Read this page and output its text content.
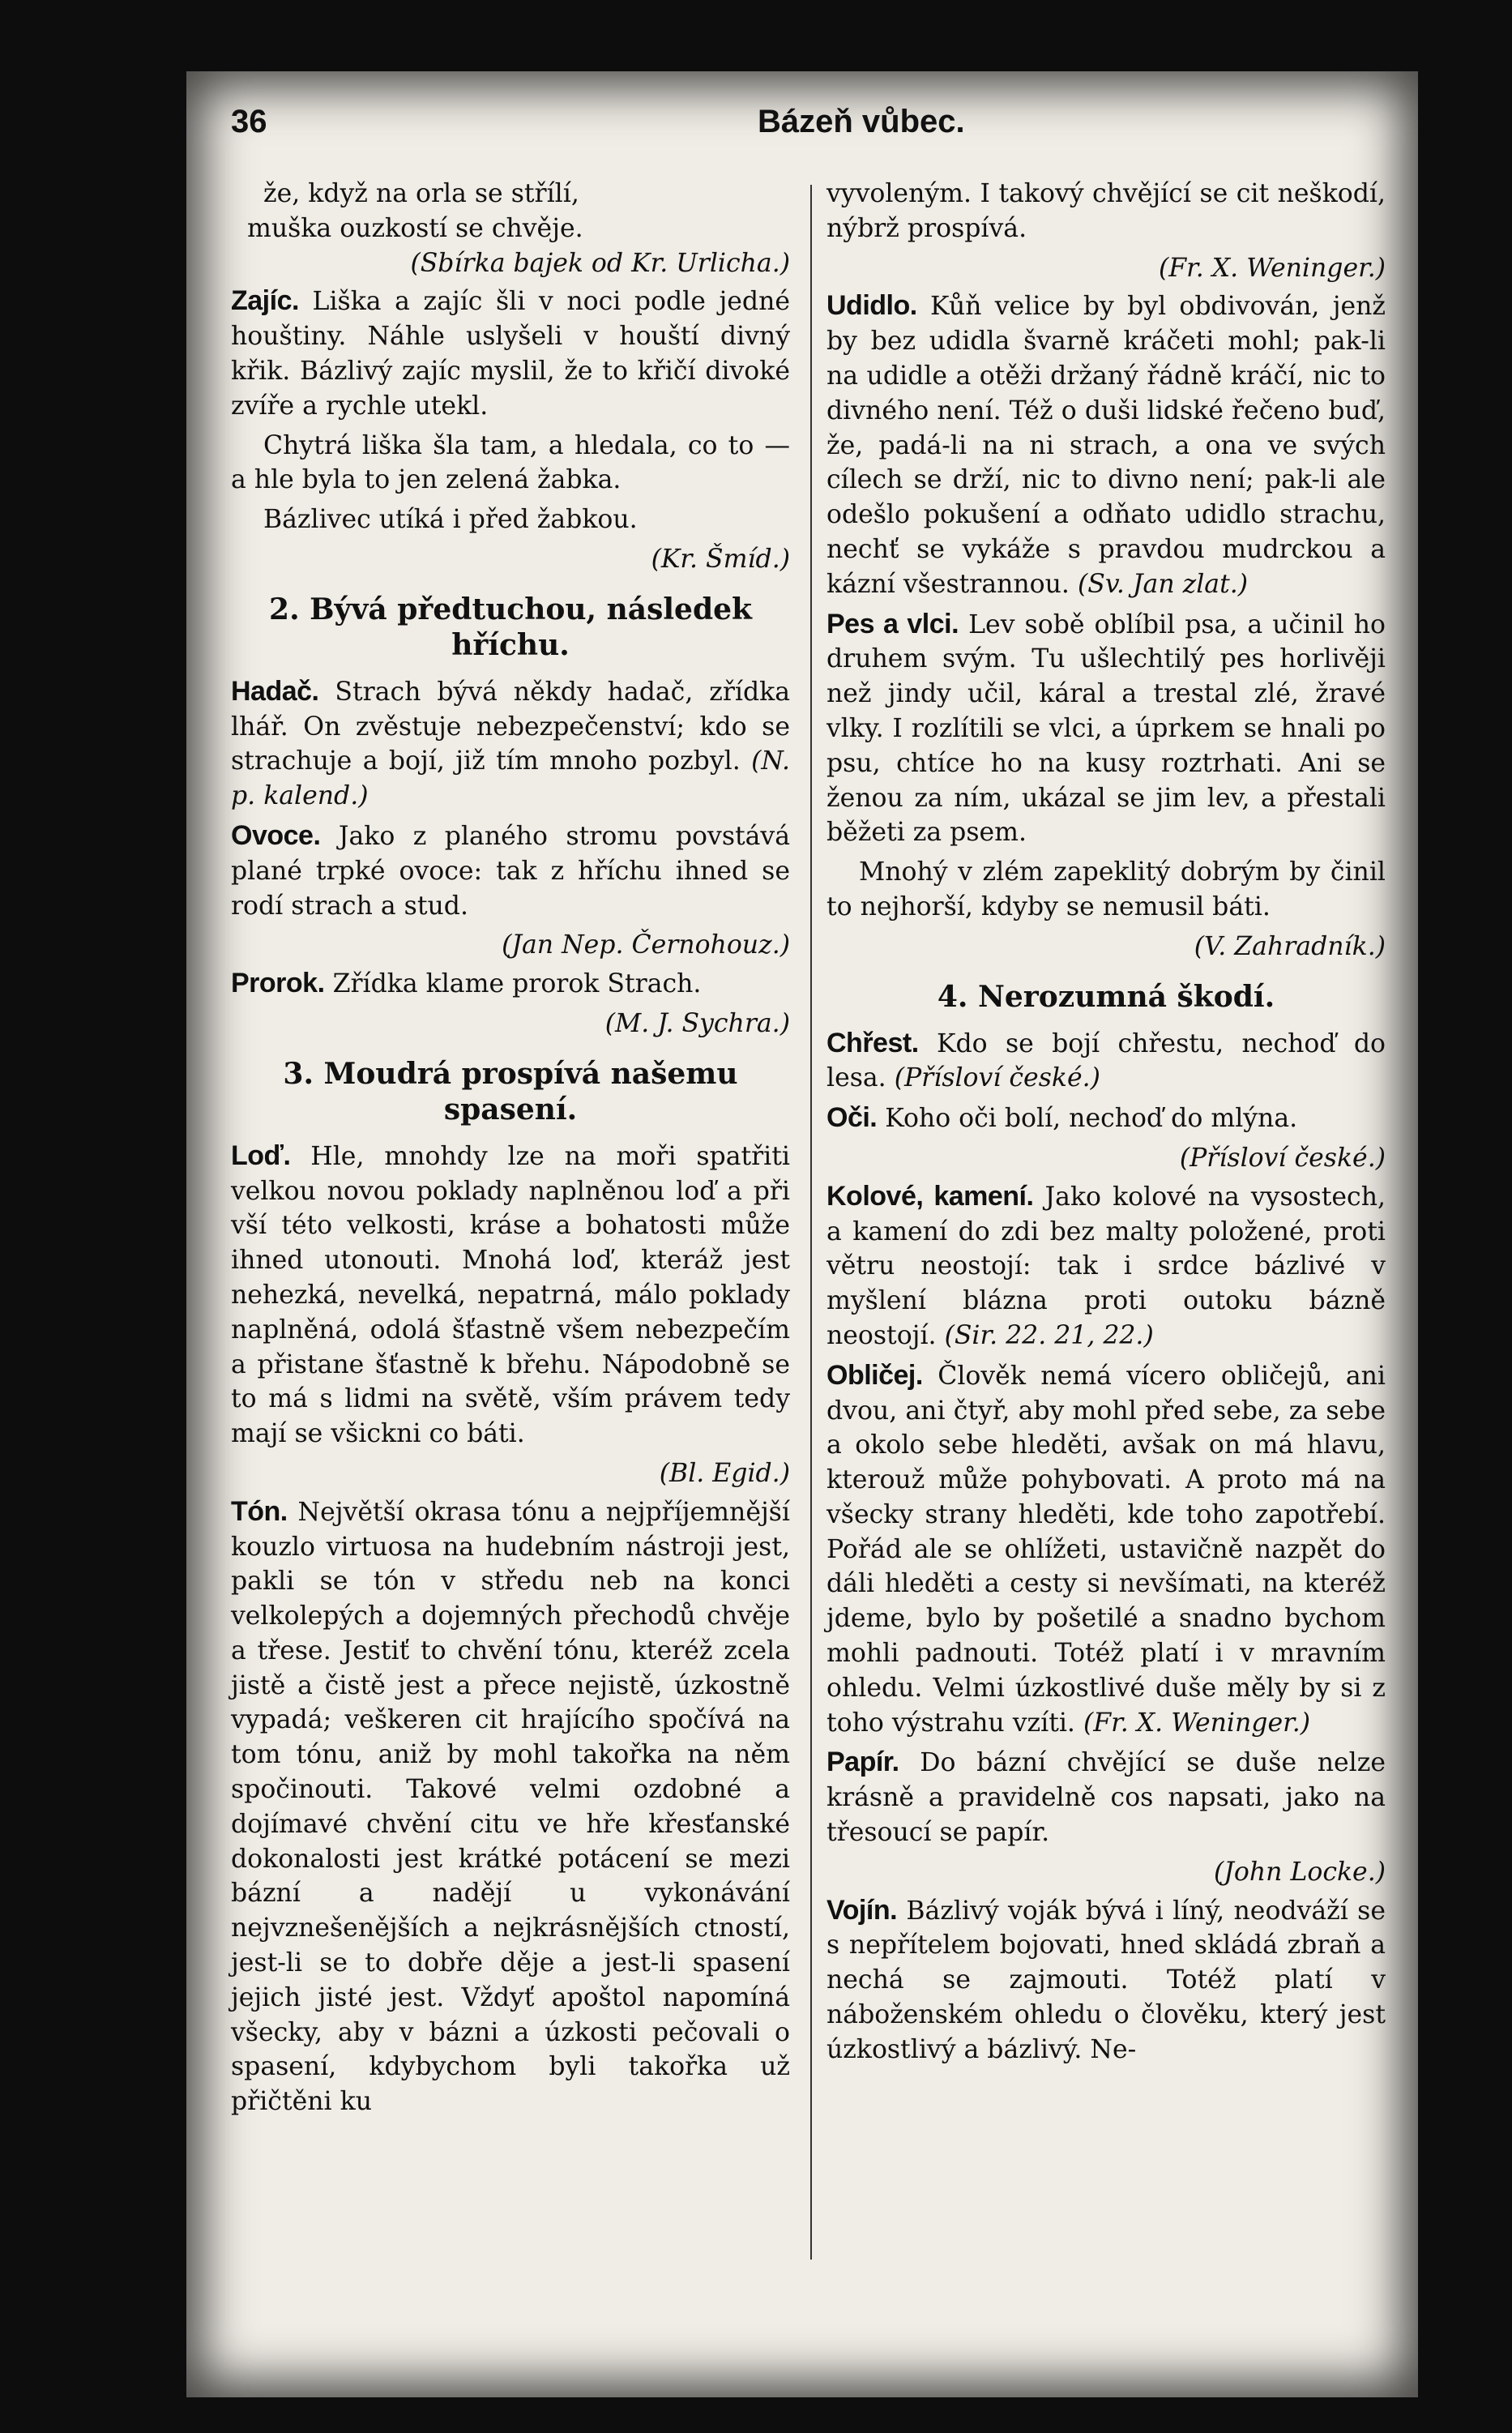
36	Bázeň vůbec.

že, když na orla se střílí,

muška ouzkostí se chvěje.

(Sbírka bajek od Kr. Urlicha.)

Zajíc. Liška a zajíc šli v noci podle jedné houštiny. Náhle uslyšeli v houští divný křik. Bázlivý zajíc myslil, že to křičí divoké zvíře a rychle utekl.

Chytrá liška šla tam, a hledala, co to — a hle byla to jen zelená žabka.

Bázlivec utíká i před žabkou.

(Kr. Šmíd.)

2. Bývá předtuchou, následek hříchu.

Hadač. Strach bývá někdy hadač, zřídka lhář. On zvěstuje nebezpečenství; kdo se strachuje a bojí, již tím mnoho pozbyl. (N. p. kalend.)

Ovoce. Jako z planého stromu povstává plané trpké ovoce: tak z hříchu ihned se rodí strach a stud.

(Jan Nep. Černohouz.)

Prorok. Zřídka klame prorok Strach.

(M. J. Sychra.)

3. Moudrá prospívá našemu spasení.

Loď. Hle, mnohdy lze na moři spatřiti velkou novou poklady naplněnou loď a při vší této velkosti, kráse a bohatosti může ihned utonouti. Mnohá loď, kteráž jest nehezká, nevelká, nepatrná, málo poklady naplněná, odolá šťastně všem nebezpečím a přistane šťastně k břehu. Nápodobně se to má s lidmi na světě, vším právem tedy mají se všickni co báti.

(Bl. Egid.)

Tón. Největší okrasa tónu a nejpříjemnější kouzlo virtuosa na hudebním nástroji jest, pakli se tón v středu neb na konci velkolepých a dojemných přechodů chvěje a třese. Jestiť to chvění tónu, kteréž zcela jistě a čistě jest a přece nejistě, úzkostně vypadá; veškeren cit hrajícího spočívá na tom tónu, aniž by mohl takořka na něm spočinouti. Takové velmi ozdobné a dojímavé chvění citu ve hře křesťanské dokonalosti jest krátké potácení se mezi bázní a nadějí u vykonávání nejvznešenějších a nejkrásnějších ctností, jest-li se to dobře děje a jest-li spasení jejich jisté jest. Vždyť apoštol napomíná všecky, aby v bázni a úzkosti pečovali o spasení, kdybychom byli takořka už přičtěni ku

vyvoleným. I takový chvějící se cit neškodí, nýbrž prospívá.

(Fr. X. Weninger.)

Udidlo. Kůň velice by byl obdivován, jenž by bez udidla švarně kráčeti mohl; pak-li na udidle a otěži držaný řádně kráčí, nic to divného není. Též o duši lidské řečeno buď, že, padá-li na ni strach, a ona ve svých cílech se drží, nic to divno není; pak-li ale odešlo pokušení a odňato udidlo strachu, nechť se vykáže s pravdou mudrckou a kázní všestrannou. (Sv. Jan zlat.)

Pes a vlci. Lev sobě oblíbil psa, a učinil ho druhem svým. Tu ušlechtilý pes horlivěji než jindy učil, káral a trestal zlé, žravé vlky. I rozlítili se vlci, a úprkem se hnali po psu, chtíce ho na kusy roztrhati. Ani se ženou za ním, ukázal se jim lev, a přestali běžeti za psem.

Mnohý v zlém zapeklitý dobrým by činil to nejhorší, kdyby se nemusil báti.

(V. Zahradník.)

4. Nerozumná škodí.

Chřest. Kdo se bojí chřestu, nechoď do lesa. (Přísloví české.)

Oči. Koho oči bolí, nechoď do mlýna.

(Přísloví české.)

Kolové, kamení. Jako kolové na vysostech, a kamení do zdi bez malty položené, proti větru neostojí: tak i srdce bázlivé v myšlení blázna proti outoku bázně neostojí. (Sir. 22. 21, 22.)

Obličej. Člověk nemá vícero obličejů, ani dvou, ani čtyř, aby mohl před sebe, za sebe a okolo sebe hleděti, avšak on má hlavu, kterouž může pohybovati. A proto má na všecky strany hleděti, kde toho zapotřebí. Pořád ale se ohlížeti, ustavičně nazpět do dáli hleděti a cesty si nevšímati, na kteréž jdeme, bylo by pošetilé a snadno bychom mohli padnouti. Totéž platí i v mravním ohledu. Velmi úzkostlivé duše měly by si z toho výstrahu vzíti. (Fr. X. Weninger.)

Papír. Do bázní chvějící se duše nelze krásně a pravidelně cos napsati, jako na třesoucí se papír.

(John Locke.)

Vojín. Bázlivý voják bývá i líný, neodváží se s nepřítelem bojovati, hned skládá zbraň a nechá se zajmouti. Totéž platí v náboženském ohledu o člověku, který jest úzkostlivý a bázlivý. Ne-
